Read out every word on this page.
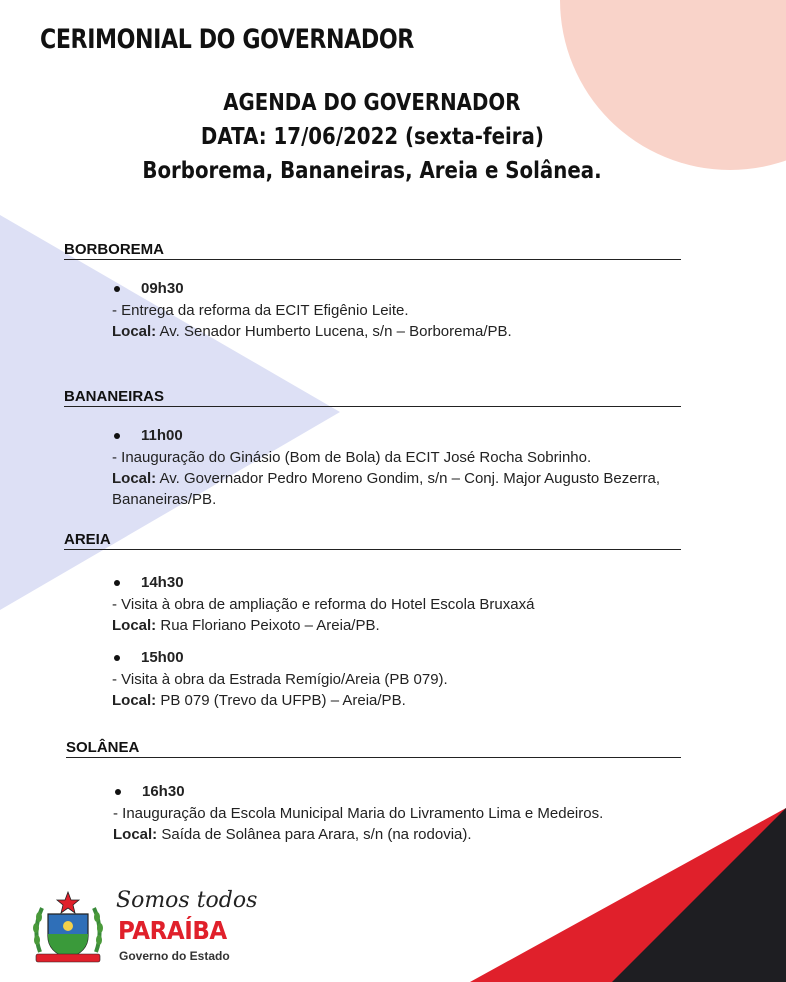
CERIMONIAL DO GOVERNADOR
AGENDA DO GOVERNADOR
DATA: 17/06/2022 (sexta-feira)
Borborema, Bananeiras, Areia e Solânea.
BORBOREMA
09h30
- Entrega da reforma da ECIT Efigênio Leite.
Local: Av. Senador Humberto Lucena, s/n – Borborema/PB.
BANANEIRAS
11h00
- Inauguração do Ginásio (Bom de Bola) da ECIT José Rocha Sobrinho.
Local: Av. Governador Pedro Moreno Gondim, s/n – Conj. Major Augusto Bezerra, Bananeiras/PB.
AREIA
14h30
- Visita à obra de ampliação e reforma do Hotel Escola Bruxaxá
Local: Rua Floriano Peixoto – Areia/PB.
15h00
- Visita à obra da Estrada Remígio/Areia (PB 079).
Local: PB 079 (Trevo da UFPB) – Areia/PB.
SOLÂNEA
16h30
- Inauguração da Escola Municipal Maria do Livramento Lima e Medeiros.
Local: Saída de Solânea para Arara, s/n (na rodovia).
Somos todos
PARAÍBA
Governo do Estado
